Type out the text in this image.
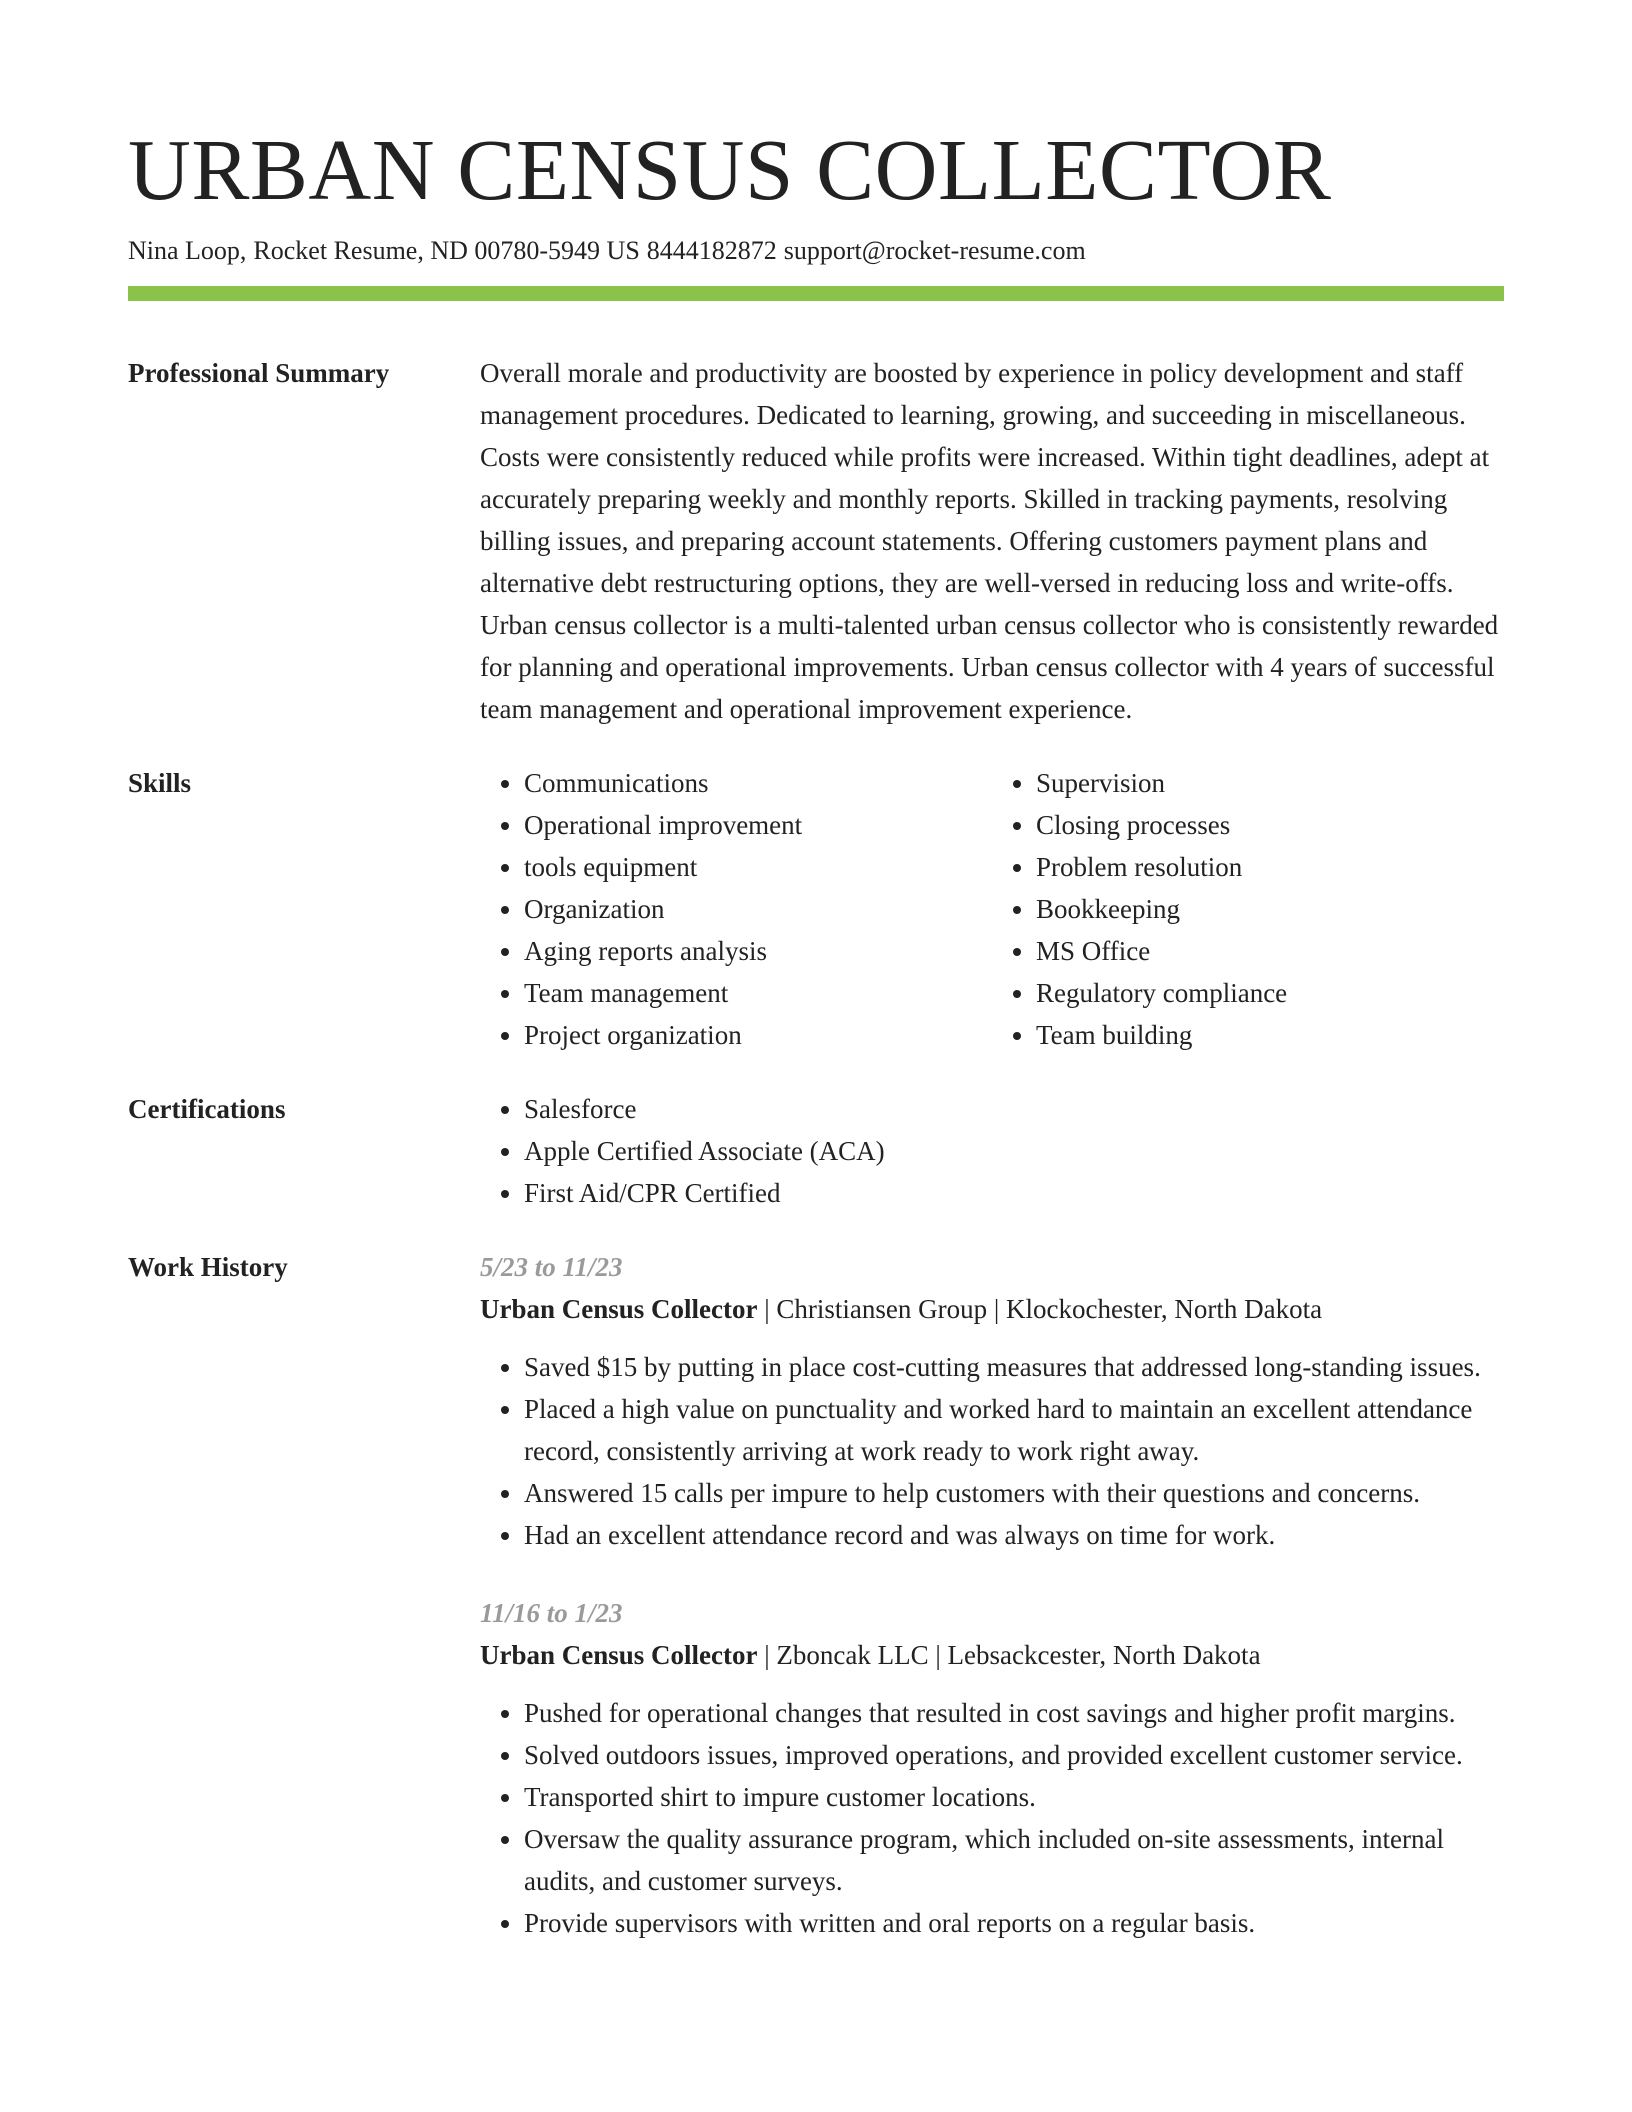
URBAN CENSUS COLLECTOR
Nina Loop, Rocket Resume, ND 00780-5949 US 8444182872 support@rocket-resume.com
Professional Summary	Overall morale and productivity are boosted by experience in policy development and staff management procedures. Dedicated to learning, growing, and succeeding in miscellaneous. Costs were consistently reduced while profits were increased. Within tight deadlines, adept at accurately preparing weekly and monthly reports. Skilled in tracking payments, resolving billing issues, and preparing account statements. Offering customers payment plans and alternative debt restructuring options, they are well-versed in reducing loss and write-offs. Urban census collector is a multi-talented urban census collector who is consistently rewarded for planning and operational improvements. Urban census collector with 4 years of successful team management and operational improvement experience.
Skills	• Communications
• Operational improvement
• tools equipment
• Organization
• Aging reports analysis
• Team management
• Project organization
• Supervision
• Closing processes
• Problem resolution
• Bookkeeping
• MS Office
• Regulatory compliance
• Team building
Certifications	• Salesforce
• Apple Certified Associate (ACA)
• First Aid/CPR Certified
Work History	5/23 to 11/23
Urban Census Collector | Christiansen Group | Klockochester, North Dakota
• Saved $15 by putting in place cost-cutting measures that addressed long-standing issues.
• Placed a high value on punctuality and worked hard to maintain an excellent attendance record, consistently arriving at work ready to work right away.
• Answered 15 calls per impure to help customers with their questions and concerns.
• Had an excellent attendance record and was always on time for work.
11/16 to 1/23
Urban Census Collector | Zboncak LLC | Lebsackcester, North Dakota
• Pushed for operational changes that resulted in cost savings and higher profit margins.
• Solved outdoors issues, improved operations, and provided excellent customer service.
• Transported shirt to impure customer locations.
• Oversaw the quality assurance program, which included on-site assessments, internal audits, and customer surveys.
• Provide supervisors with written and oral reports on a regular basis.
